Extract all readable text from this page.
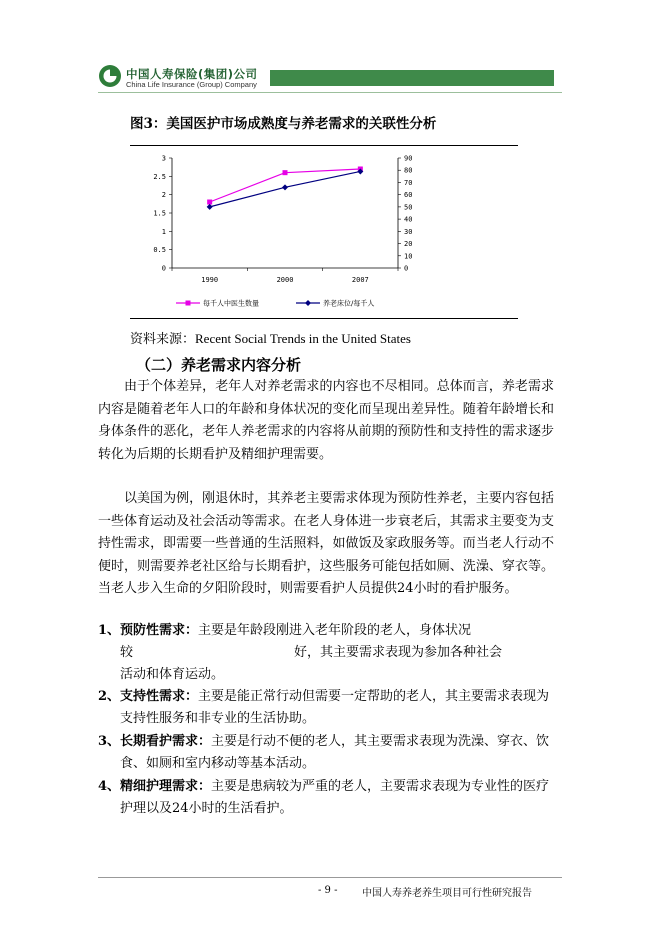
中国人寿保险(集团)公司
China Life Insurance (Group) Company
图3：美国医护市场成熟度与养老需求的关联性分析
0
0.5
1
1.5
2
2.5
3
0
10
20
30
40
50
60
70
80
90
1990	2000	2007
每千人中医生数量	养老床位/每千人
资料来源：Recent Social Trends in the United States
（二）养老需求内容分析

由于个体差异，老年人对养老需求的内容也不尽相同。总体而言，养老需求内容是随着老年人口的年龄和身体状况的变化而呈现出差异性。随着年龄增长和身体条件的恶化，老年人养老需求的内容将从前期的预防性和支持性的需求逐步转化为后期的长期看护及精细护理需要。

以美国为例，刚退休时，其养老主要需求体现为预防性养老，主要内容包括一些体育运动及社会活动等需求。在老人身体进一步衰老后，其需求主要变为支持性需求，即需要一些普通的生活照料，如做饭及家政服务等。而当老人行动不便时，则需要养老社区给与长期看护，这些服务可能包括如厕、洗澡、穿衣等。当老人步入生命的夕阳阶段时，则需要看护人员提供24小时的看护服务。

1、 预防性需求：主要是年龄段刚进入老年阶段的老人，身体状况
较	好，其主要需求表现为参加各种社会
活动和体育运动。
2、 支持性需求：主要是能正常行动但需要一定帮助的老人，其主要需求表现为支持性服务和非专业的生活协助。
3、 长期看护需求：主要是行动不便的老人，其主要需求表现为洗澡、穿衣、饮食、如厕和室内移动等基本活动。
4、 精细护理需求：主要是患病较为严重的老人，主要需求表现为专业性的医疗护理以及24小时的生活看护。
- 9 - 中国人寿养老养生项目可行性研究报告
